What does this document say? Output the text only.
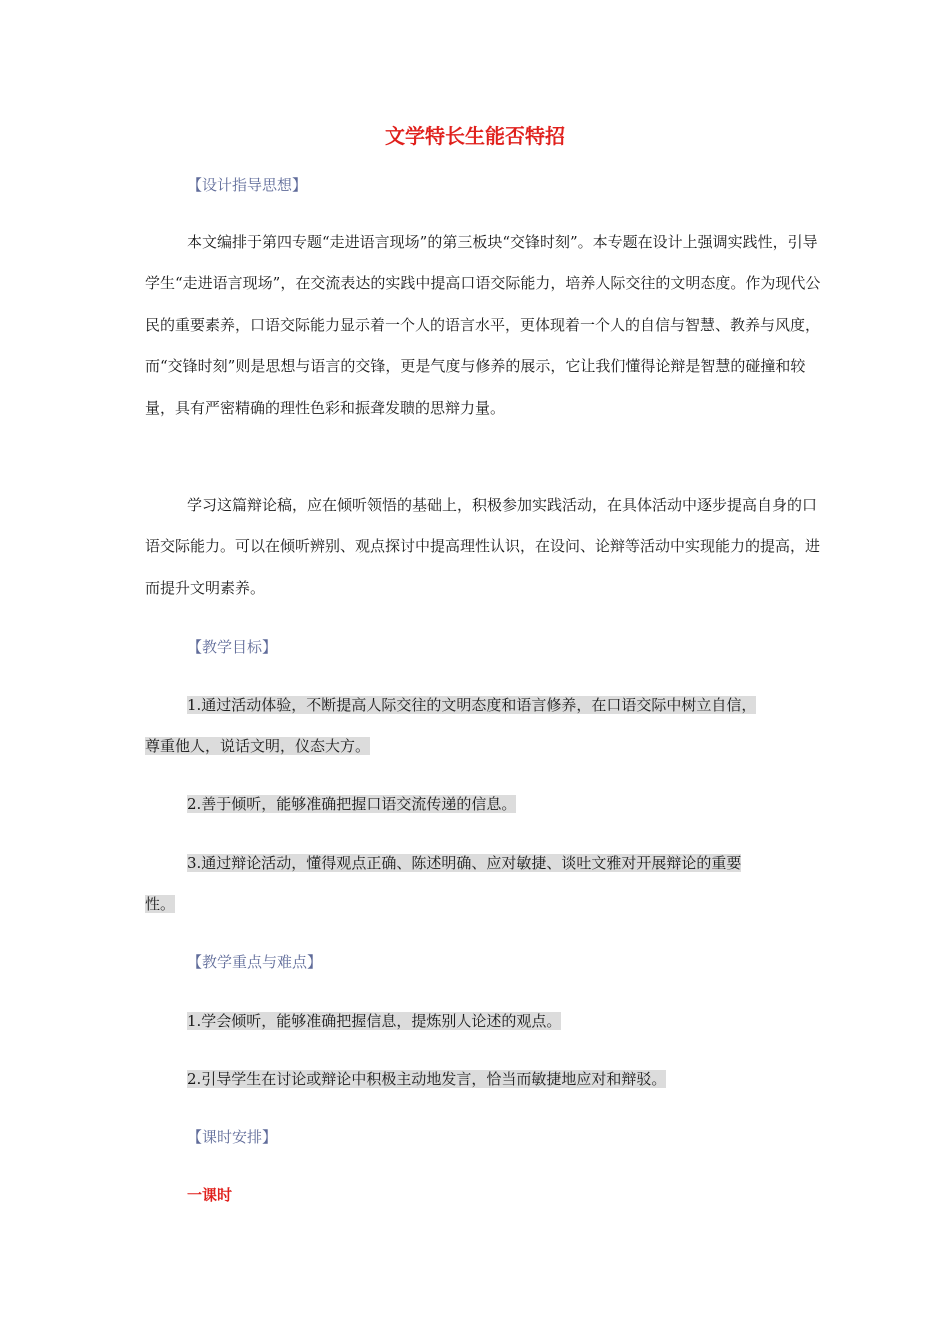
文学特长生能否特招
【设计指导思想】

本文编排于第四专题“走进语言现场”的第三板块“交锋时刻”。本专题在设计上强调实践性，引导学生“走进语言现场”，在交流表达的实践中提高口语交际能力，培养人际交往的文明态度。作为现代公民的重要素养，口语交际能力显示着一个人的语言水平，更体现着一个人的自信与智慧、教养与风度，而“交锋时刻”则是思想与语言的交锋，更是气度与修养的展示，它让我们懂得论辩是智慧的碰撞和较量，具有严密精确的理性色彩和振聋发聩的思辩力量。

学习这篇辩论稿，应在倾听领悟的基础上，积极参加实践活动，在具体活动中逐步提高自身的口语交际能力。可以在倾听辨别、观点探讨中提高理性认识，在设问、论辩等活动中实现能力的提高，进而提升文明素养。

【教学目标】
1.通过活动体验，不断提高人际交往的文明态度和语言修养，在口语交际中树立自信，
尊重他人，说话文明，仪态大方。
2.善于倾听，能够准确把握口语交流传递的信息。
3.通过辩论活动，懂得观点正确、陈述明确、应对敏捷、谈吐文雅对开展辩论的重要
性。
【教学重点与难点】
1.学会倾听，能够准确把握信息，提炼别人论述的观点。
2.引导学生在讨论或辩论中积极主动地发言，恰当而敏捷地应对和辩驳。
【课时安排】
一课时
